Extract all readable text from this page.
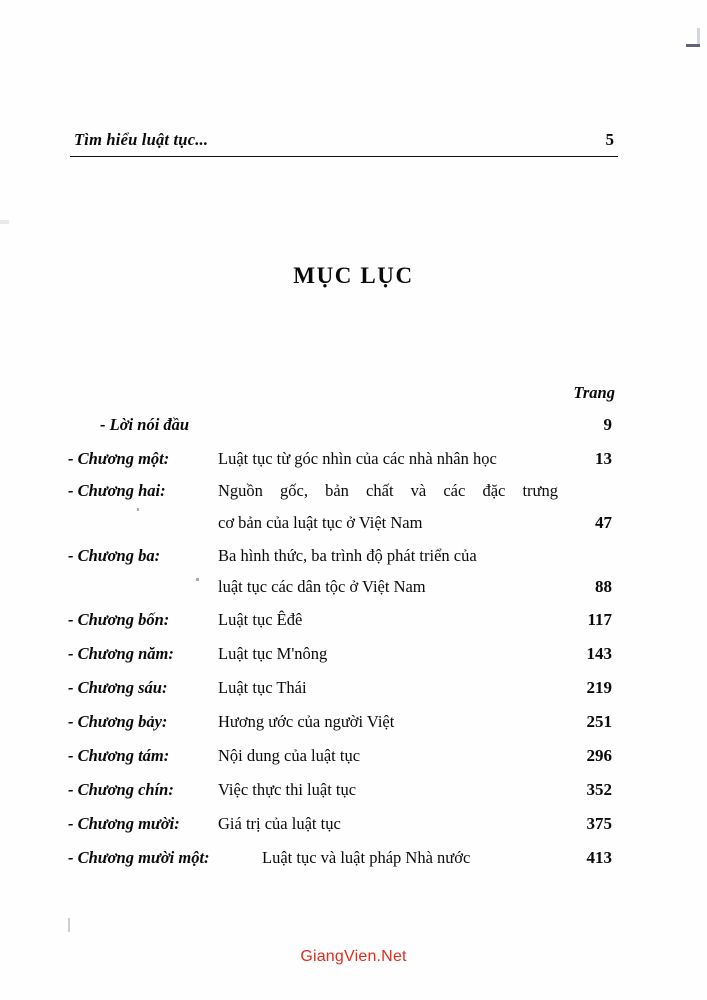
Tìm hiểu luật tục...	5
MỤC LỤC
Trang
- Lời nói đầu	9
- Chương một:	Luật tục từ góc nhìn của các nhà nhân học	13
- Chương hai:	Nguồn gốc, bản chất và các đặc trưng
cơ bản của luật tục ở Việt Nam	47
- Chương ba:	Ba hình thức, ba trình độ phát triển của
luật tục các dân tộc ở Việt Nam	88
- Chương bốn:	Luật tục Êđê	117
- Chương năm:	Luật tục M'nông	143
- Chương sáu:	Luật tục Thái	219
- Chương bảy:	Hương ước của người Việt	251
- Chương tám:	Nội dung của luật tục	296
- Chương chín:	Việc thực thi luật tục	352
- Chương mười: Giá trị của luật tục	375
- Chương mười một:	Luật tục và luật pháp Nhà nước	413
GiangVien.Net
